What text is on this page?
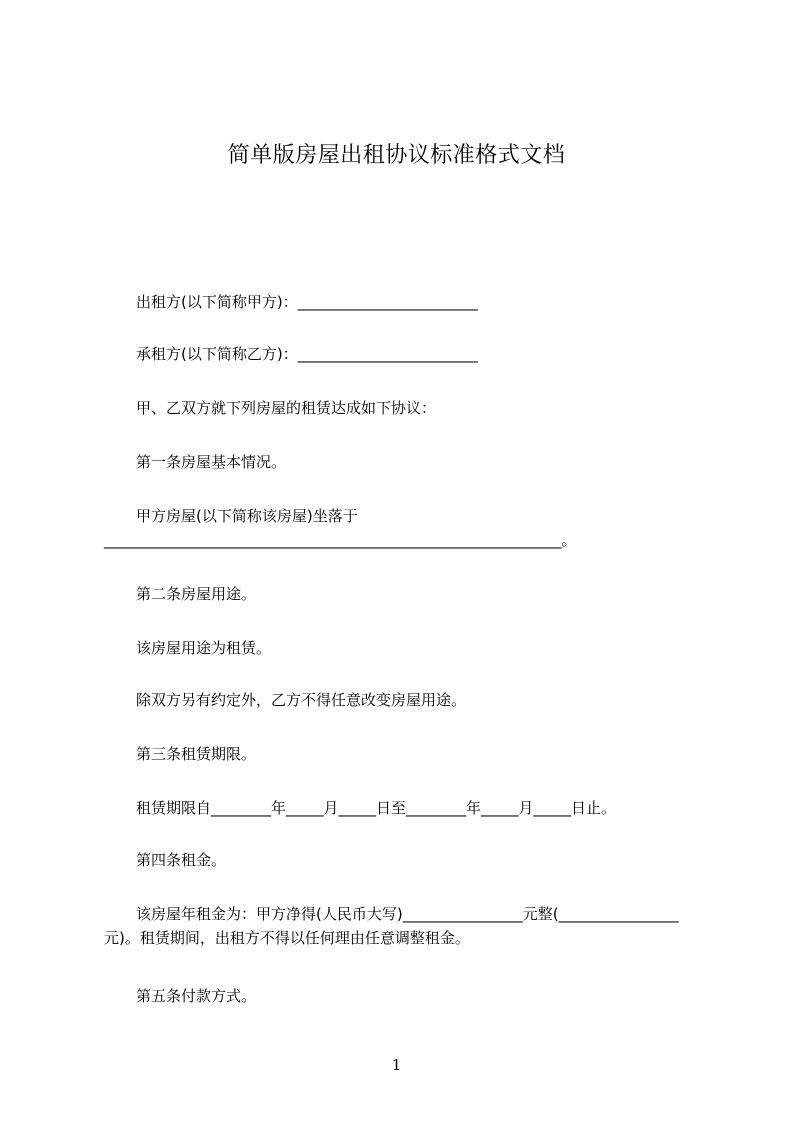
简单版房屋出租协议标准格式文档
出租方(以下简称甲方)：________________________
承租方(以下简称乙方)：________________________
甲、乙双方就下列房屋的租赁达成如下协议：
第一条房屋基本情况。
甲方房屋(以下简称该房屋)坐落于_____________________________________________________________。
第二条房屋用途。
该房屋用途为租赁。
除双方另有约定外，乙方不得任意改变房屋用途。
第三条租赁期限。
租赁期限自________年_____月_____日至________年_____月_____日止。
第四条租金。
该房屋年租金为：甲方净得(人民币大写)________________元整(________________元)。租赁期间，出租方不得以任何理由任意调整租金。
第五条付款方式。
1
